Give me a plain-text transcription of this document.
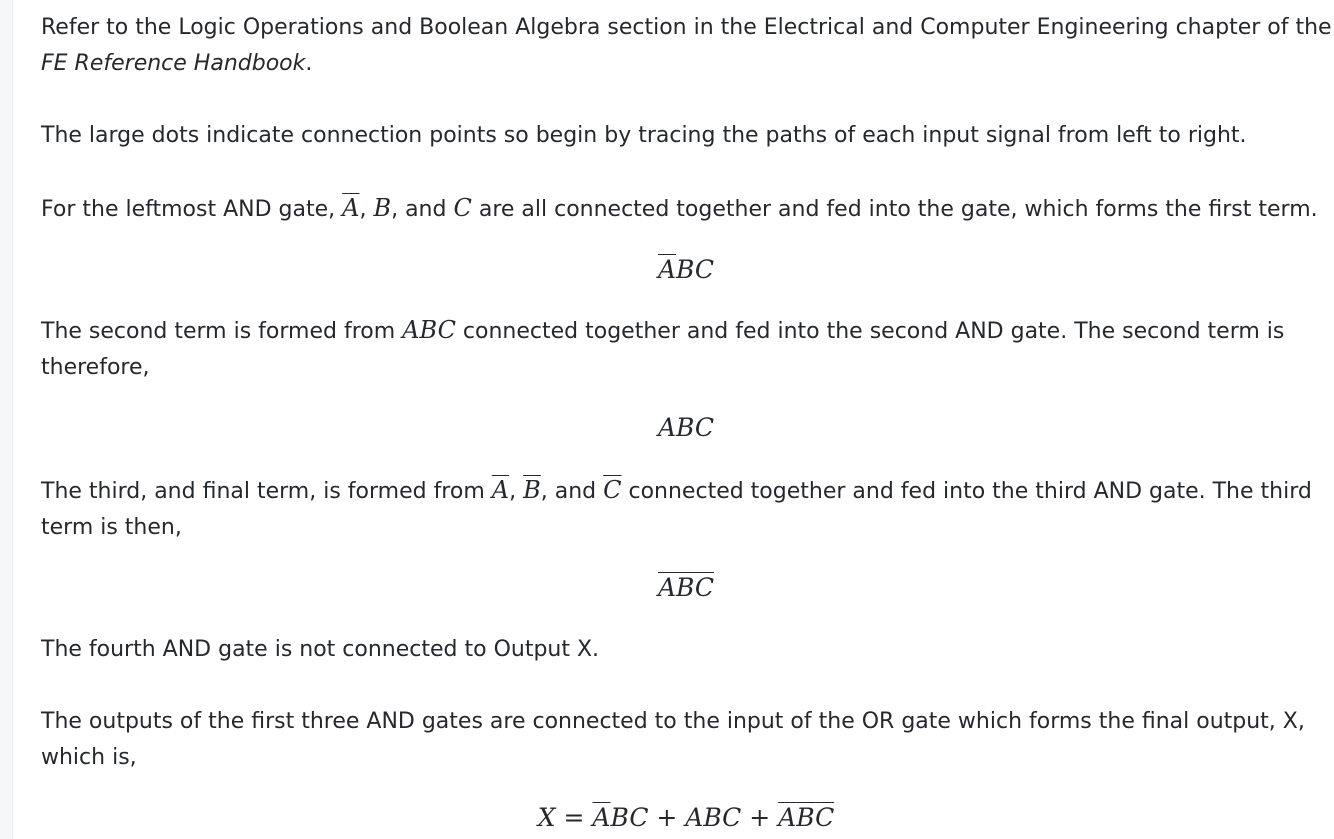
Refer to the Logic Operations and Boolean Algebra section in the Electrical and Computer Engineering chapter of the

FE Reference Handbook.

The large dots indicate connection points so begin by tracing the paths of each input signal from left to right.

For the leftmost AND gate, $\overline{A}$, B, and C are all connected together and fed into the gate, which forms the first term.

$\overline{A}BC$

The second term is formed from ABC connected together and fed into the second AND gate. The second term is

therefore,

ABC

The third, and final term, is formed from $\overline{A}$, $\overline{B}$, and $\overline{C}$ connected together and fed into the third AND gate. The third

term is then,

$\overline{A}\overline{B}\overline{C}$

The fourth AND gate is not connected to Output X.

The outputs of the first three AND gates are connected to the input of the OR gate which forms the final output, X,

which is,

$X = \overline{A}BC$ + ABC + $\overline{A}\overline{B}\overline{C}$
